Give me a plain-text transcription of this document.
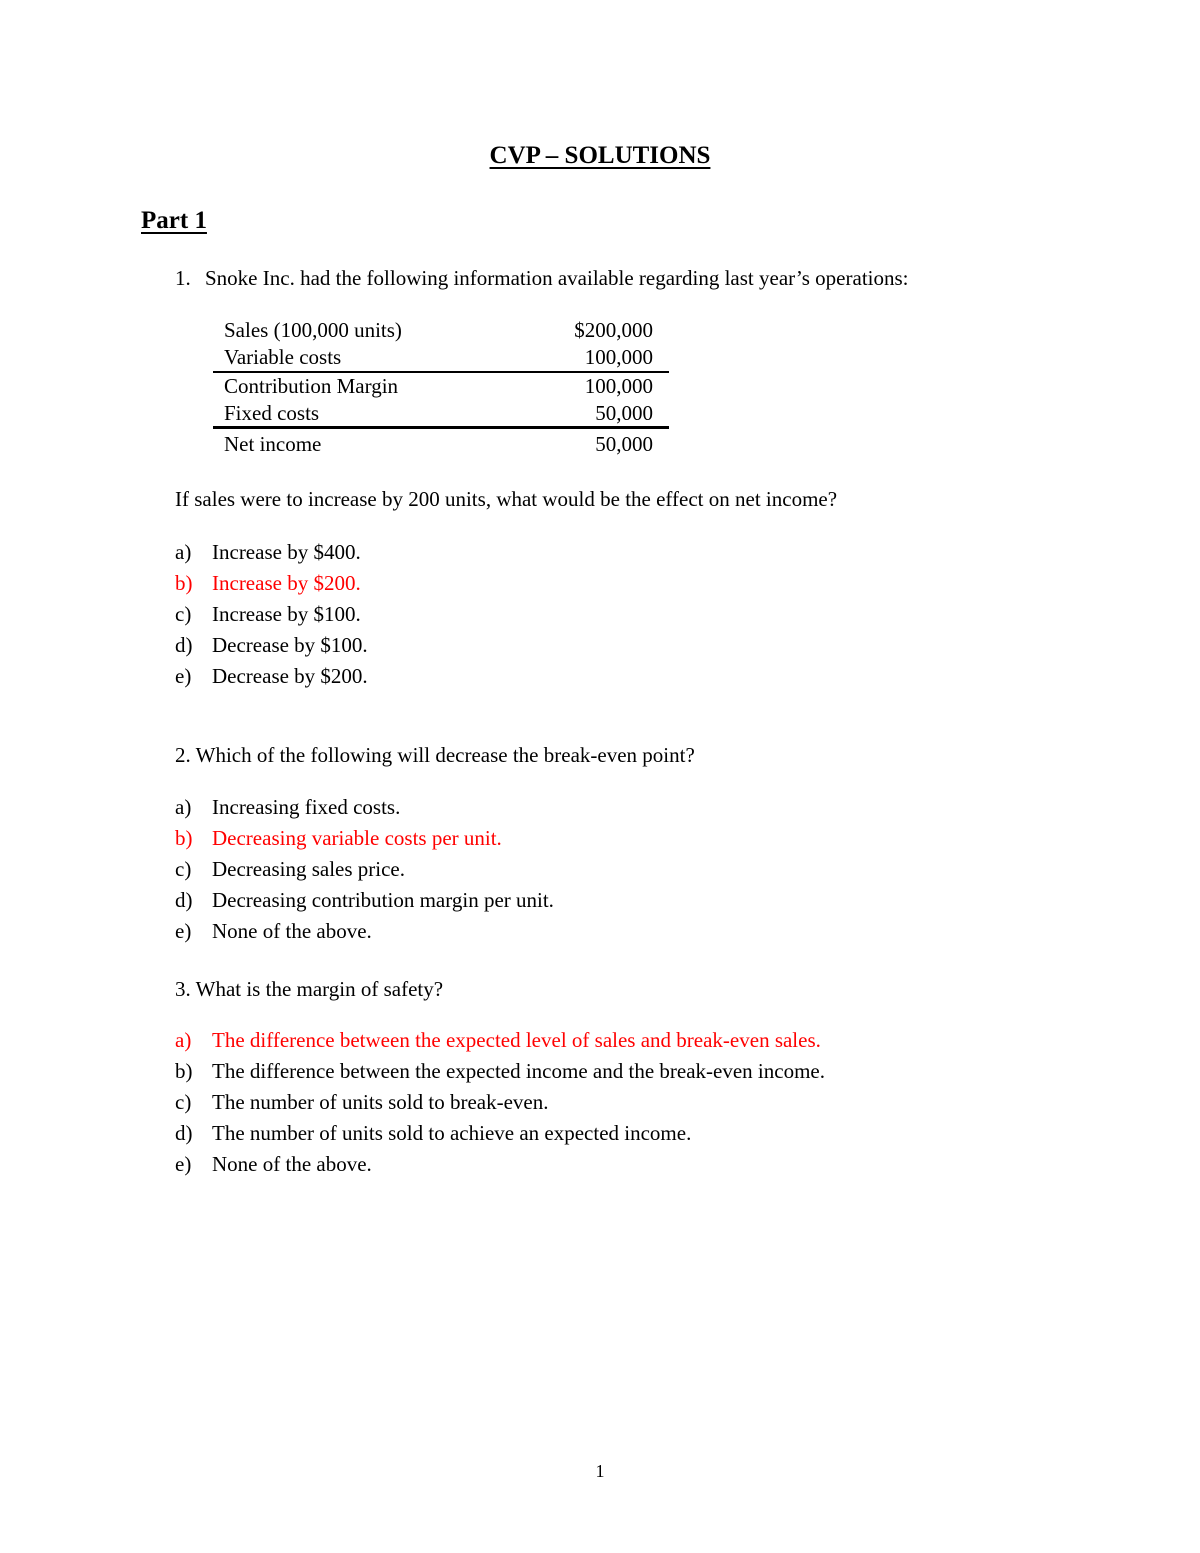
CVP – SOLUTIONS
Part 1
1. Snoke Inc. had the following information available regarding last year’s operations:
Sales (100,000 units)	$200,000
Variable costs	100,000
Contribution Margin	100,000
Fixed costs	50,000
Net income	50,000
If sales were to increase by 200 units, what would be the effect on net income?
a) Increase by $400.
b) Increase by $200.
c) Increase by $100.
d) Decrease by $100.
e) Decrease by $200.
2. Which of the following will decrease the break-even point?
a) Increasing fixed costs.
b) Decreasing variable costs per unit.
c) Decreasing sales price.
d) Decreasing contribution margin per unit.
e) None of the above.
3. What is the margin of safety?
a) The difference between the expected level of sales and break-even sales.
b) The difference between the expected income and the break-even income.
c) The number of units sold to break-even.
d) The number of units sold to achieve an expected income.
e) None of the above.
1
